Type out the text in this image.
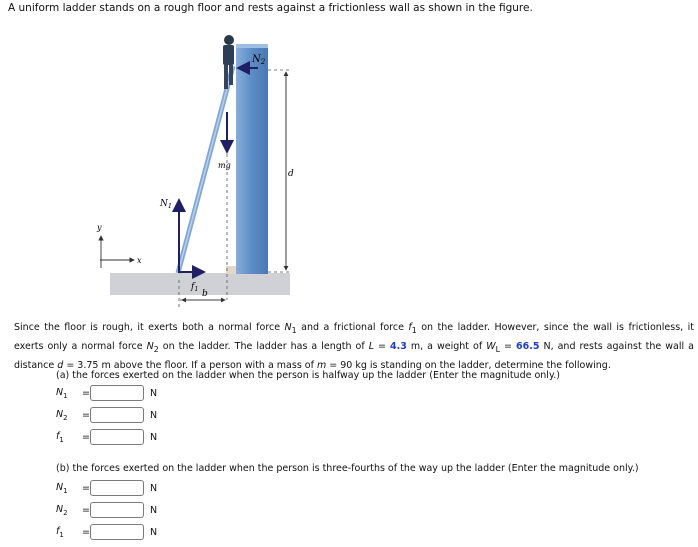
A uniform ladder stands on a rough floor and rests against a frictionless wall as shown in the figure.
$N_2$
mg
$N_1$
$f_1$ b
d
x
y
Since the floor is rough, it exerts both a normal force $N_1$ and a frictional force $f_1$ on the ladder. However, since the wall is frictionless, it
exerts only a normal force $N_2$ on the ladder. The ladder has a length of L = 4.3 m, a weight of $W_L = 66.5$ N, and rests against the wall a
distance d = 3.75 m above the floor. If a person with a mass of m = 90 kg is standing on the ladder, determine the following.
(a) the forces exerted on the ladder when the person is halfway up the ladder (Enter the magnitude only.)
$N_1$	=	N
$N_2$	=	N
$f_1$	=	N
(b) the forces exerted on the ladder when the person is three-fourths of the way up the ladder (Enter the magnitude only.)
$N_1$	=	N
$N_2$	=	N
$f_1$	=	N
